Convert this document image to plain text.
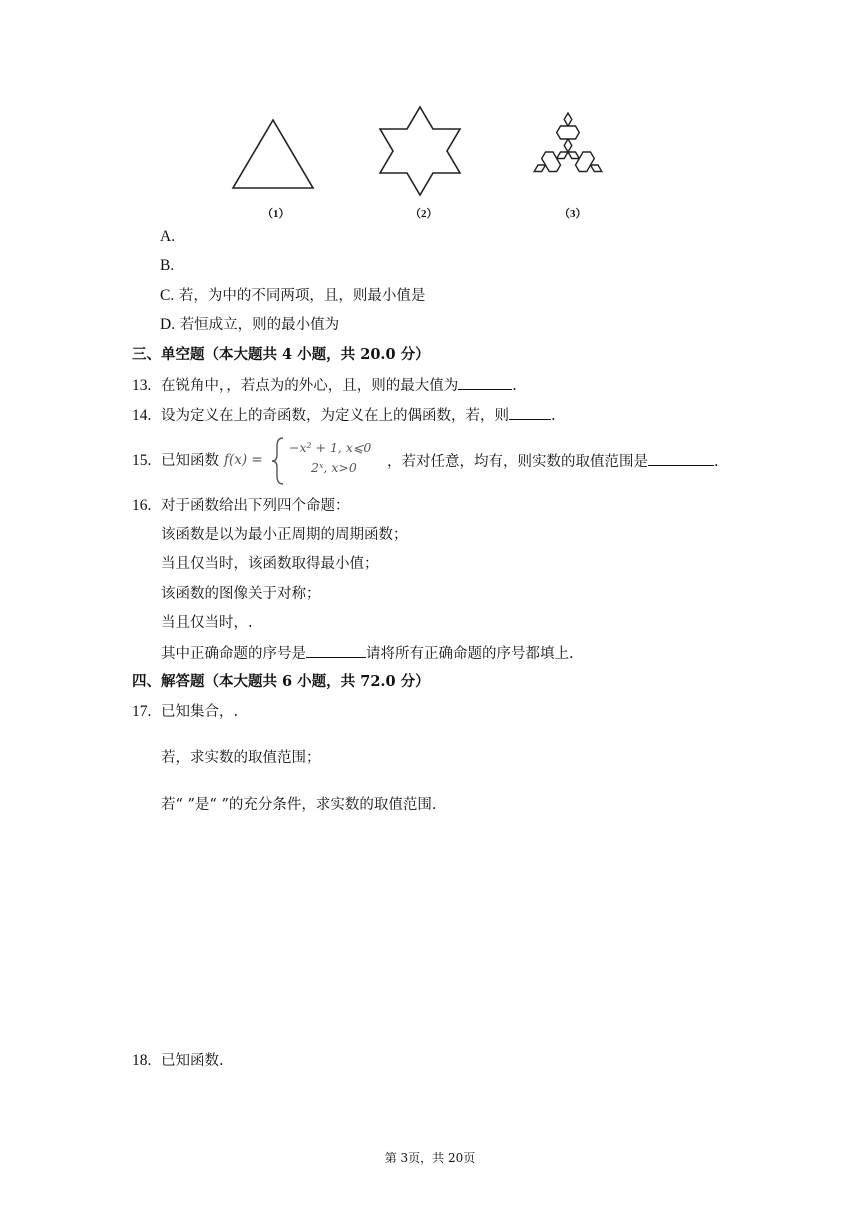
（1）	（2）	（3）
A.
B.
C. 若，为中的不同两项，且，则最小值是
D. 若恒成立，则的最小值为
三、单空题（本大题共 4 小题，共 20.0 分）
13. 在锐角中，，若点为的外心，且，则的最大值为	.
14. 设为定义在上的奇函数，为定义在上的偶函数，若，则	.
15. 已知函数 f(x) =
−x² + 1, x⩽0
2ˣ, x>0 ，若对任意，均有，则实数的取值范围是	.
16. 对于函数给出下列四个命题：
该函数是以为最小正周期的周期函数；
当且仅当时，该函数取得最小值；
该函数的图像关于对称；
当且仅当时，.
其中正确命题的序号是	请将所有正确命题的序号都填上.
四、解答题（本大题共 6 小题，共 72.0 分）
17. 已知集合，.
若，求实数的取值范围；
若“ ”是“ ”的充分条件，求实数的取值范围.
18. 已知函数.
第 3页，共 20页
